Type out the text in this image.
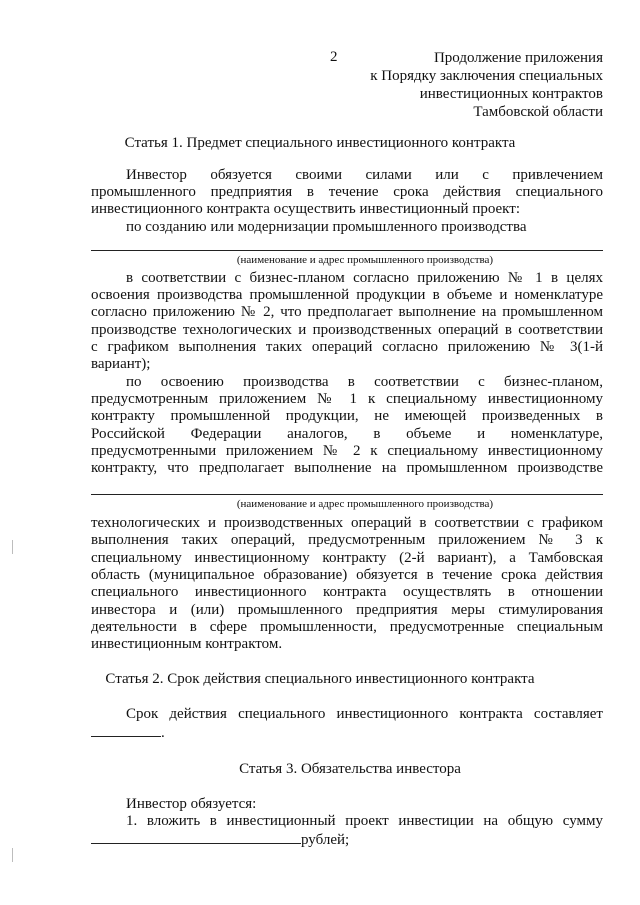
2	Продолжение приложения
к Порядку заключения специальных
инвестиционных контрактов
Тамбовской области
Статья 1. Предмет специального инвестиционного контракта
Инвестор обязуется своими силами или с привлечением
промышленного предприятия в течение срока действия специального
инвестиционного контракта осуществить инвестиционный проект:
по созданию или модернизации промышленного производства
(наименование и адрес промышленного производства)
в соответствии с бизнес-планом согласно приложению № 1 в целях
освоения производства промышленной продукции в объеме и номенклатуре
согласно приложению № 2, что предполагает выполнение на промышленном
производстве технологических и производственных операций в соответствии
с графиком выполнения таких операций согласно приложению № 3(1-й
вариант);
по освоению производства в соответствии с бизнес-планом,
предусмотренным приложением № 1 к специальному инвестиционному
контракту промышленной продукции, не имеющей произведенных в
Российской Федерации аналогов, в объеме и номенклатуре,
предусмотренными приложением № 2 к специальному инвестиционному
контракту, что предполагает выполнение на промышленном производстве
(наименование и адрес промышленного производства)
технологических и производственных операций в соответствии с графиком
выполнения таких операций, предусмотренным приложением № 3 к
специальному инвестиционному контракту (2-й вариант), а Тамбовская
область (муниципальное образование) обязуется в течение срока действия
специального инвестиционного контракта осуществлять в отношении
инвестора и (или) промышленного предприятия меры стимулирования
деятельности в сфере промышленности, предусмотренные специальным
инвестиционным контрактом.
Статья 2. Срок действия специального инвестиционного контракта
Срок действия специального инвестиционного контракта составляет
.
Статья 3. Обязательства инвестора
Инвестор обязуется:
1. вложить в инвестиционный проект инвестиции на общую сумму
рублей;
